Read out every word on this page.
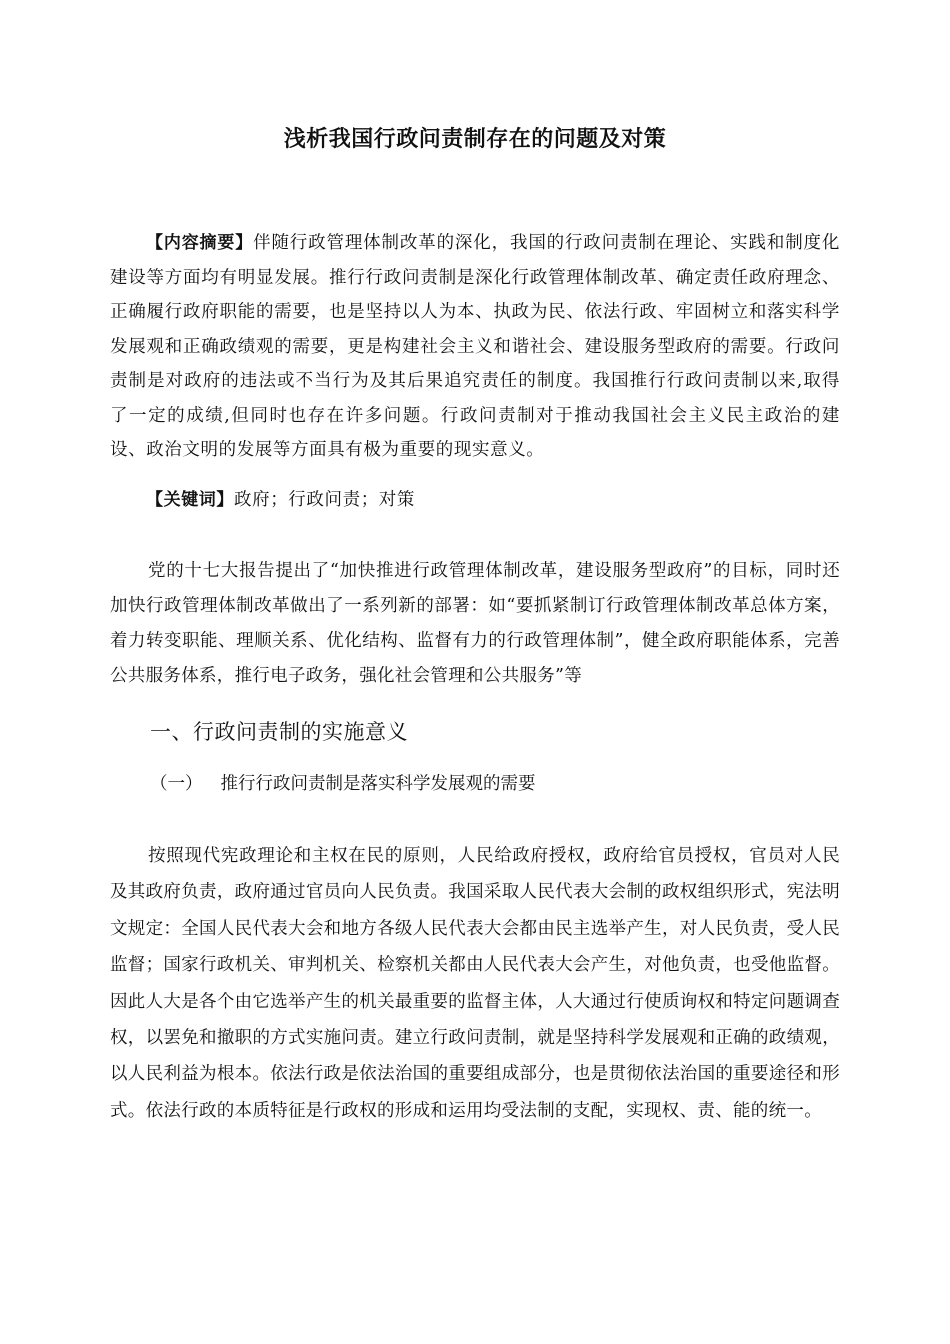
浅析我国行政问责制存在的问题及对策

【内容摘要】伴随行政管理体制改革的深化，我国的行政问责制在理论、实践和制度化建设等方面均有明显发展。推行行政问责制是深化行政管理体制改革、确定责任政府理念、正确履行政府职能的需要，也是坚持以人为本、执政为民、依法行政、牢固树立和落实科学发展观和正确政绩观的需要，更是构建社会主义和谐社会、建设服务型政府的需要。行政问责制是对政府的违法或不当行为及其后果追究责任的制度。我国推行行政问责制以来,取得了一定的成绩,但同时也存在许多问题。行政问责制对于推动我国社会主义民主政治的建设、政治文明的发展等方面具有极为重要的现实意义。

【关键词】政府；行政问责；对策

党的十七大报告提出了“加快推进行政管理体制改革，建设服务型政府”的目标，同时还加快行政管理体制改革做出了一系列新的部署：如“要抓紧制订行政管理体制改革总体方案，着力转变职能、理顺关系、优化结构、监督有力的行政管理体制”，健全政府职能体系，完善公共服务体系，推行电子政务，强化社会管理和公共服务”等

一、行政问责制的实施意义
（一） 推行行政问责制是落实科学发展观的需要

按照现代宪政理论和主权在民的原则，人民给政府授权，政府给官员授权，官员对人民及其政府负责，政府通过官员向人民负责。我国采取人民代表大会制的政权组织形式，宪法明文规定：全国人民代表大会和地方各级人民代表大会都由民主选举产生，对人民负责，受人民监督；国家行政机关、审判机关、检察机关都由人民代表大会产生，对他负责，也受他监督。因此人大是各个由它选举产生的机关最重要的监督主体，人大通过行使质询权和特定问题调查权，以罢免和撤职的方式实施问责。建立行政问责制，就是坚持科学发展观和正确的政绩观，以人民利益为根本。依法行政是依法治国的重要组成部分，也是贯彻依法治国的重要途径和形式。依法行政的本质特征是行政权的形成和运用均受法制的支配，实现权、责、能的统一。
